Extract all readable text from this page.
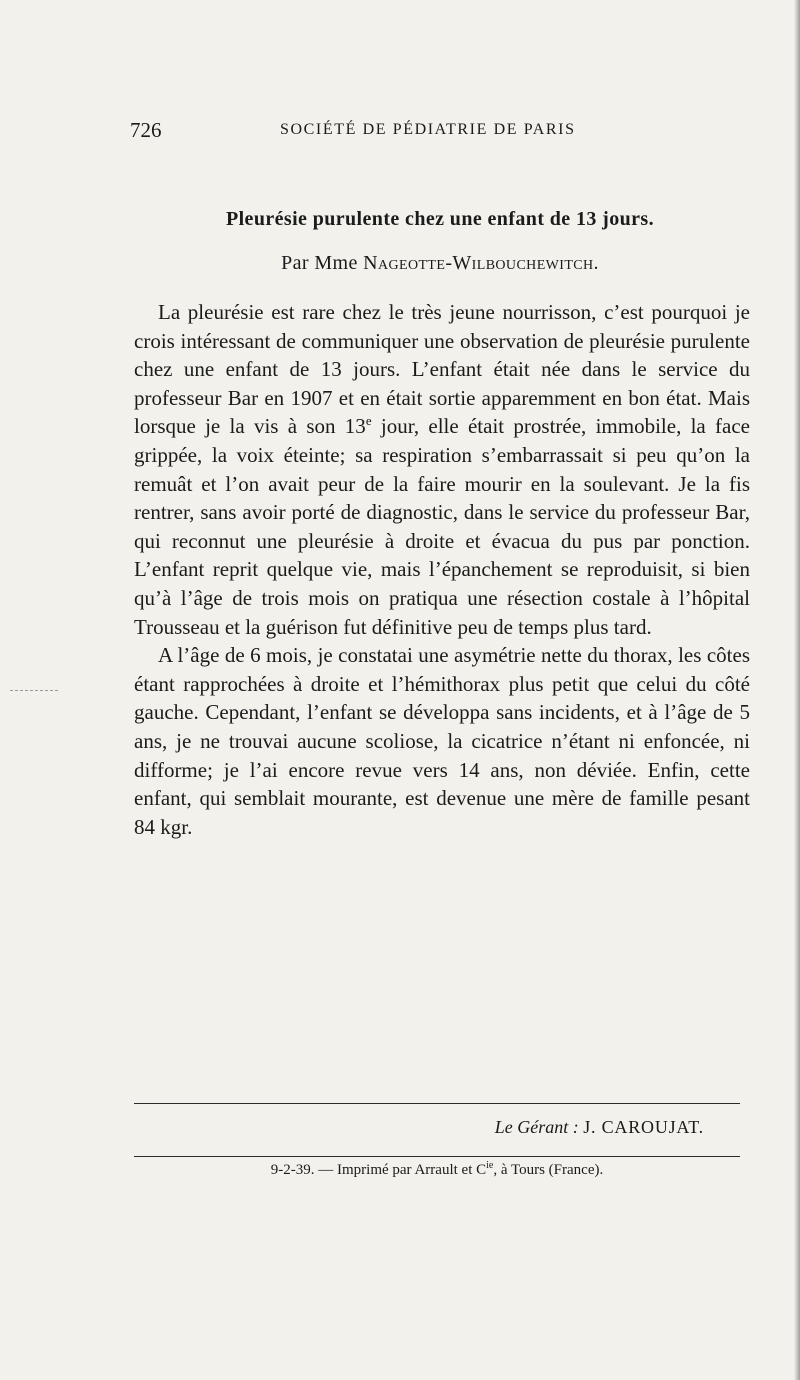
726	SOCIÉTÉ DE PÉDIATRIE DE PARIS
Pleurésie purulente chez une enfant de 13 jours.
Par Mme Nageotte-Wilbouchewitch.

La pleurésie est rare chez le très jeune nourrisson, c’est pourquoi je crois intéressant de communiquer une observation de pleurésie purulente chez une enfant de 13 jours. L’enfant était née dans le service du professeur Bar en 1907 et en était sortie apparemment en bon état. Mais lorsque je la vis à son 13e jour, elle était prostrée, immobile, la face grippée, la voix éteinte; sa respiration s’embarrassait si peu qu’on la remuât et l’on avait peur de la faire mourir en la soulevant. Je la fis rentrer, sans avoir porté de diagnostic, dans le service du professeur Bar, qui reconnut une pleurésie à droite et évacua du pus par ponction. L’enfant reprit quelque vie, mais l’épanchement se reproduisit, si bien qu’à l’âge de trois mois on pratiqua une résection costale à l’hôpital Trousseau et la guérison fut définitive peu de temps plus tard.

A l’âge de 6 mois, je constatai une asymétrie nette du thorax, les côtes étant rapprochées à droite et l’hémithorax plus petit que celui du côté gauche. Cependant, l’enfant se développa sans incidents, et à l’âge de 5 ans, je ne trouvai aucune scoliose, la cicatrice n’étant ni enfoncée, ni difforme; je l’ai encore revue vers 14 ans, non déviée. Enfin, cette enfant, qui semblait mourante, est devenue une mère de famille pesant 84 kgr.

Le Gérant : J. CAROUJAT.
9-2-39. — Imprimé par Arrault et $C^{ie}$, à Tours (France).
